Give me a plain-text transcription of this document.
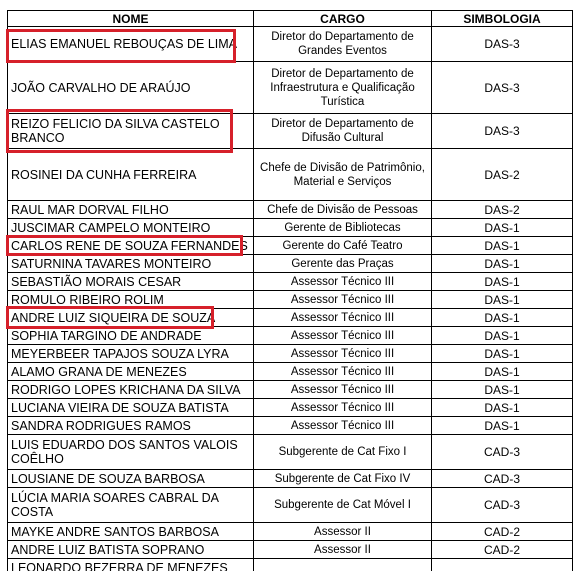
NOME	CARGO	SIMBOLOGIA
ELIAS EMANUEL REBOUÇAS DE LIMA	Diretor do Departamento de Grandes Eventos	DAS-3
JOÃO CARVALHO DE ARAÚJO	Diretor de Departamento de Infraestrutura e Qualificação Turística	DAS-3
REIZO FELICIO DA SILVA CASTELO BRANCO	Diretor de Departamento de Difusão Cultural	DAS-3
ROSINEI DA CUNHA FERREIRA	Chefe de Divisão de Patrimônio, Material e Serviços	DAS-2
RAUL MAR DORVAL FILHO	Chefe de Divisão de Pessoas	DAS-2
JUSCIMAR CAMPELO MONTEIRO	Gerente de Bibliotecas	DAS-1
CARLOS RENE DE SOUZA FERNANDES	Gerente do Café Teatro	DAS-1
SATURNINA TAVARES MONTEIRO	Gerente das Praças	DAS-1
SEBASTIÃO MORAIS CESAR	Assessor Técnico III	DAS-1
ROMULO RIBEIRO ROLIM	Assessor Técnico III	DAS-1
ANDRE LUIZ SIQUEIRA DE SOUZA	Assessor Técnico III	DAS-1
SOPHIA TARGINO DE ANDRADE	Assessor Técnico III	DAS-1
MEYERBEER TAPAJOS SOUZA LYRA	Assessor Técnico III	DAS-1
ALAMO GRANA DE MENEZES	Assessor Técnico III	DAS-1
RODRIGO LOPES KRICHANA DA SILVA	Assessor Técnico III	DAS-1
LUCIANA VIEIRA DE SOUZA BATISTA	Assessor Técnico III	DAS-1
SANDRA RODRIGUES RAMOS	Assessor Técnico III	DAS-1
LUIS EDUARDO DOS SANTOS VALOIS COÊLHO	Subgerente de Cat Fixo I	CAD-3
LOUSIANE DE SOUZA BARBOSA	Subgerente de Cat Fixo IV	CAD-3
LÚCIA MARIA SOARES CABRAL DA COSTA	Subgerente de Cat Móvel I	CAD-3
MAYKE ANDRE SANTOS BARBOSA	Assessor II	CAD-2
ANDRE LUIZ BATISTA SOPRANO	Assessor II	CAD-2
LEONARDO BEZERRA DE MENEZES		
